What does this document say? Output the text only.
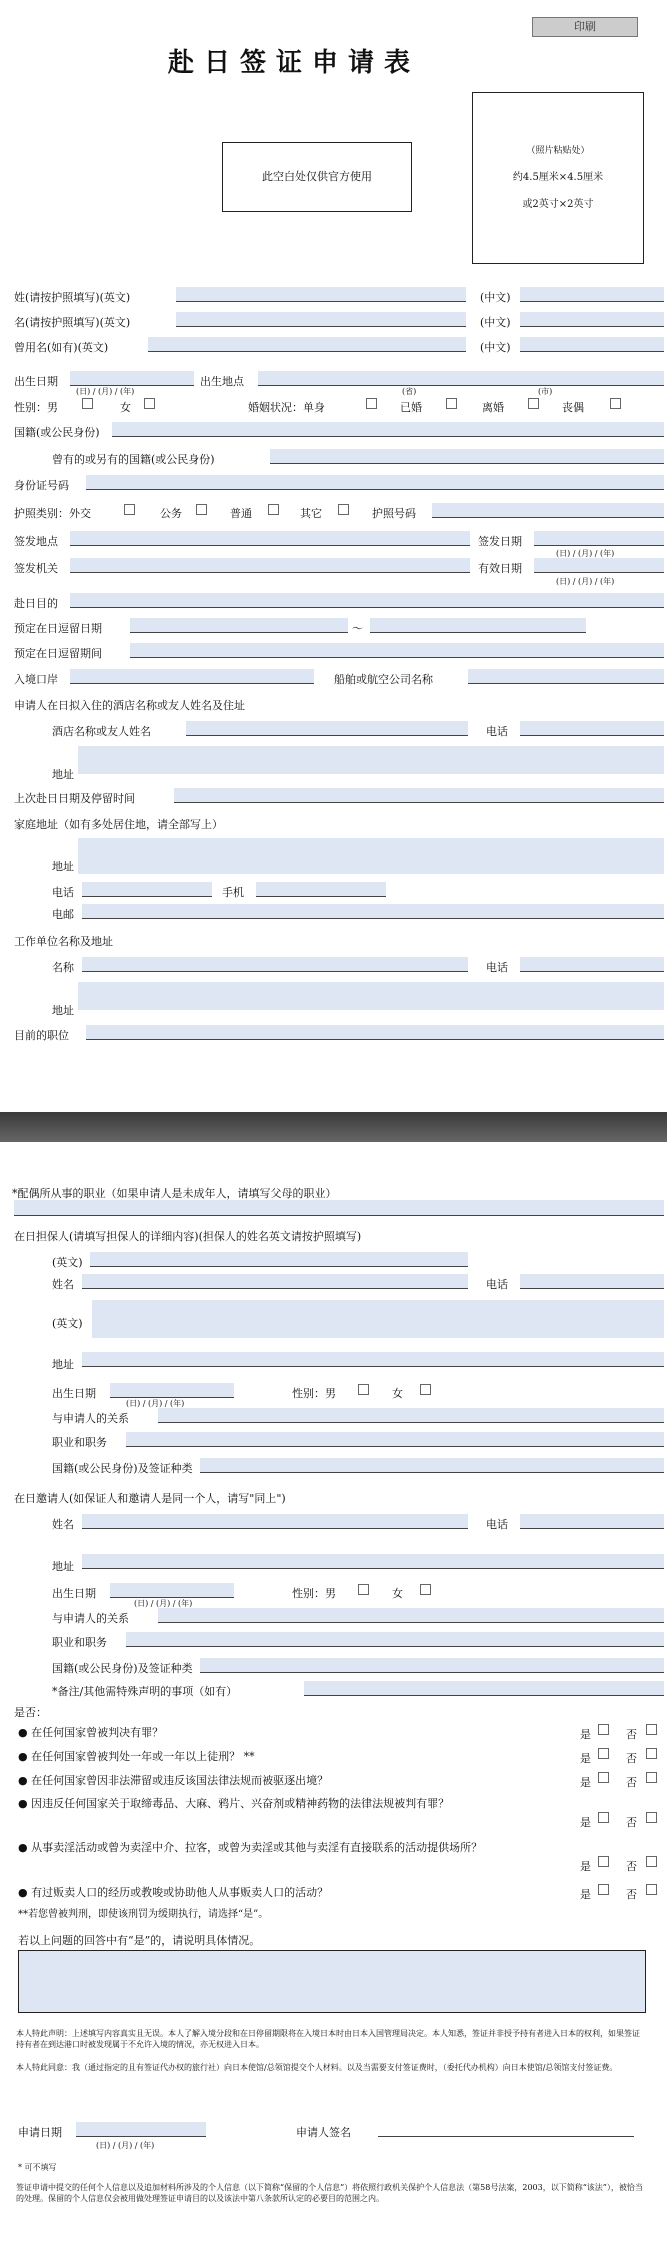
印刷
赴日签证申请表
此空白处仅供官方使用
（照片粘贴处）
约4.5厘米×4.5厘米
或2英寸×2英寸
姓(请按护照填写)(英文)	(中文)
名(请按护照填写)(英文)	(中文)
曾用名(如有)(英文)	(中文)
出生日期	出生地点
(日) / (月) / (年)
性别：男	女	婚姻状况：单身
(省)
已婚	离婚
(市)
丧偶
国籍(或公民身份)
曾有的或另有的国籍(或公民身份)
身份证号码
护照类别：外交	公务	普通	其它	护照号码
签发地点	签发日期
(日) / (月) / (年)
签发机关	有效日期
(日) / (月) / (年)
赴日目的
预定在日逗留日期	～
预定在日逗留期间
入境口岸	船舶或航空公司名称
申请人在日拟入住的酒店名称或友人姓名及住址
酒店名称或友人姓名	电话
地址
上次赴日日期及停留时间
家庭地址（如有多处居住地，请全部写上）
地址
电话	手机
电邮
工作单位名称及地址
名称	电话
地址
目前的职位
*配偶所从事的职业（如果申请人是未成年人，请填写父母的职业）
在日担保人(请填写担保人的详细内容)(担保人的姓名英文请按护照填写)
(英文)
姓名	电话
(英文)
地址
出生日期
(日) / (月) / (年)
性别：男	女
与申请人的关系
职业和职务
国籍(或公民身份)及签证种类
在日邀请人(如保证人和邀请人是同一个人，请写"同上")
姓名	电话
地址
出生日期
(日) / (月) / (年)
性别：男	女
与申请人的关系
职业和职务
国籍(或公民身份)及签证种类
*备注/其他需特殊声明的事项（如有）
是否：
● 在任何国家曾被判决有罪？	是	否
● 在任何国家曾被判处一年或一年以上徒刑？ **	是	否
● 在任何国家曾因非法滞留或违反该国法律法规而被驱逐出境？	是	否
● 因违反任何国家关于取缔毒品、大麻、鸦片、兴奋剂或精神药物的法律法规被判有罪？
是	否
● 从事卖淫活动或曾为卖淫中介、拉客，或曾为卖淫或其他与卖淫有直接联系的活动提供场所？
是	否
● 有过贩卖人口的经历或教唆或协助他人从事贩卖人口的活动？	是	否
**若您曾被判刑，即使该刑罚为缓期执行，请选择“是”。
若以上问题的回答中有“是”的，请说明具体情况。
本人特此声明：上述填写内容真实且无误。本人了解入境分段和在日停留期限将在入境日本时由日本入国管理局决定。本人知悉，签证并非授予持有者进入日本的权利，如果签证持有者在到达港口时被发现属于不允许入境的情况，亦无权进入日本。
本人特此同意：我（通过指定的且有签证代办权的旅行社）向日本使馆/总领馆提交个人材料。以及当需要支付签证费时，（委托代办机构）向日本使馆/总领馆支付签证费。
申请日期
(日) / (月) / (年)
申请人签名
* 可不填写
签证申请中提交的任何个人信息以及追加材料所涉及的个人信息（以下简称“保留的个人信息”）将依照行政机关保护个人信息法（第58号法案，2003，以下简称“该法”），被恰当的处理。保留的个人信息仅会被用做处理签证申请目的以及该法中第八条款所认定的必要目的范围之内。
